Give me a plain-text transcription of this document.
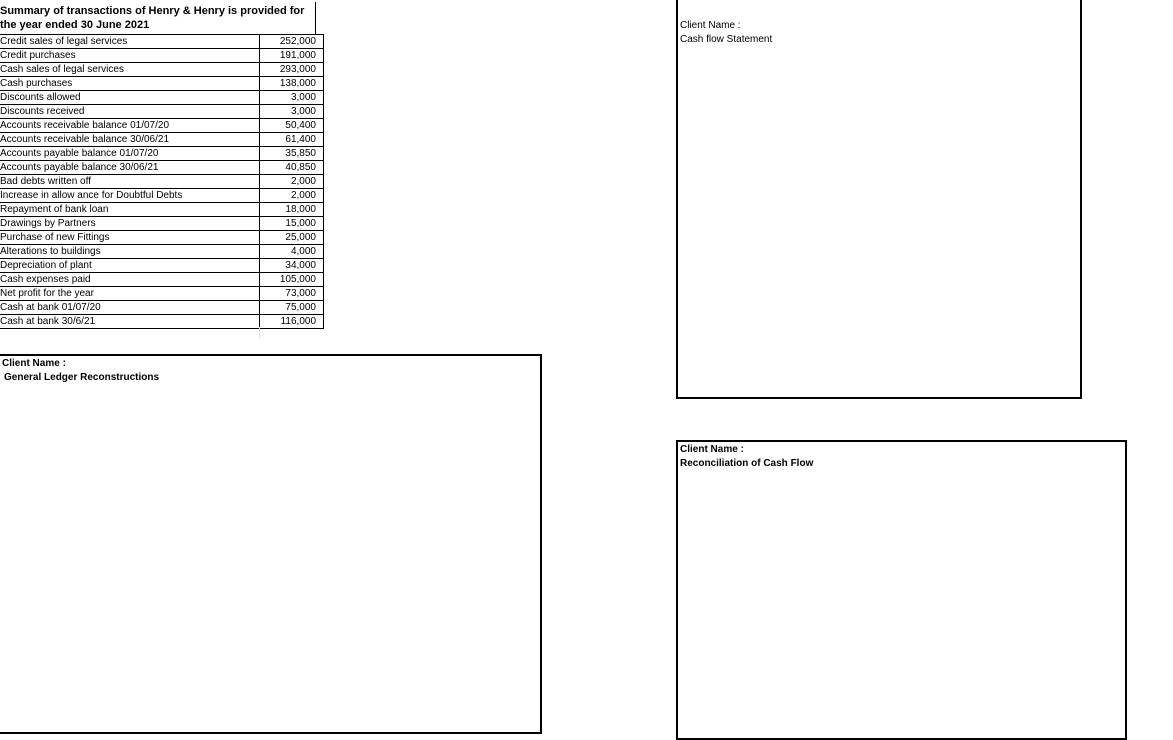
Summary of transactions of Henry & Henry is provided for
the year ended 30 June 2021
Credit sales of legal services	252,000
Credit purchases	191,000
Cash sales of legal services	293,000
Cash purchases	138,000
Discounts allowed	3,000
Discounts received	3,000
Accounts receivable balance 01/07/20	50,400
Accounts receivable balance 30/06/21	61,400
Accounts payable balance 01/07/20	35,850
Accounts payable balance 30/06/21	40,850
Bad debts written off	2,000
Increase in allow ance for Doubtful Debts	2,000
Repayment of bank loan	18,000
Drawings by Partners	15,000
Purchase of new Fittings	25,000
Alterations to buildings	4,000
Depreciation of plant	34,000
Cash expenses paid	105,000
Net profit for the year	73,000
Cash at bank 01/07/20	75,000
Cash at bank 30/6/21	116,000
Client Name :
Cash flow Statement
Client Name :
General Ledger Reconstructions
Client Name :
Reconciliation of Cash Flow
